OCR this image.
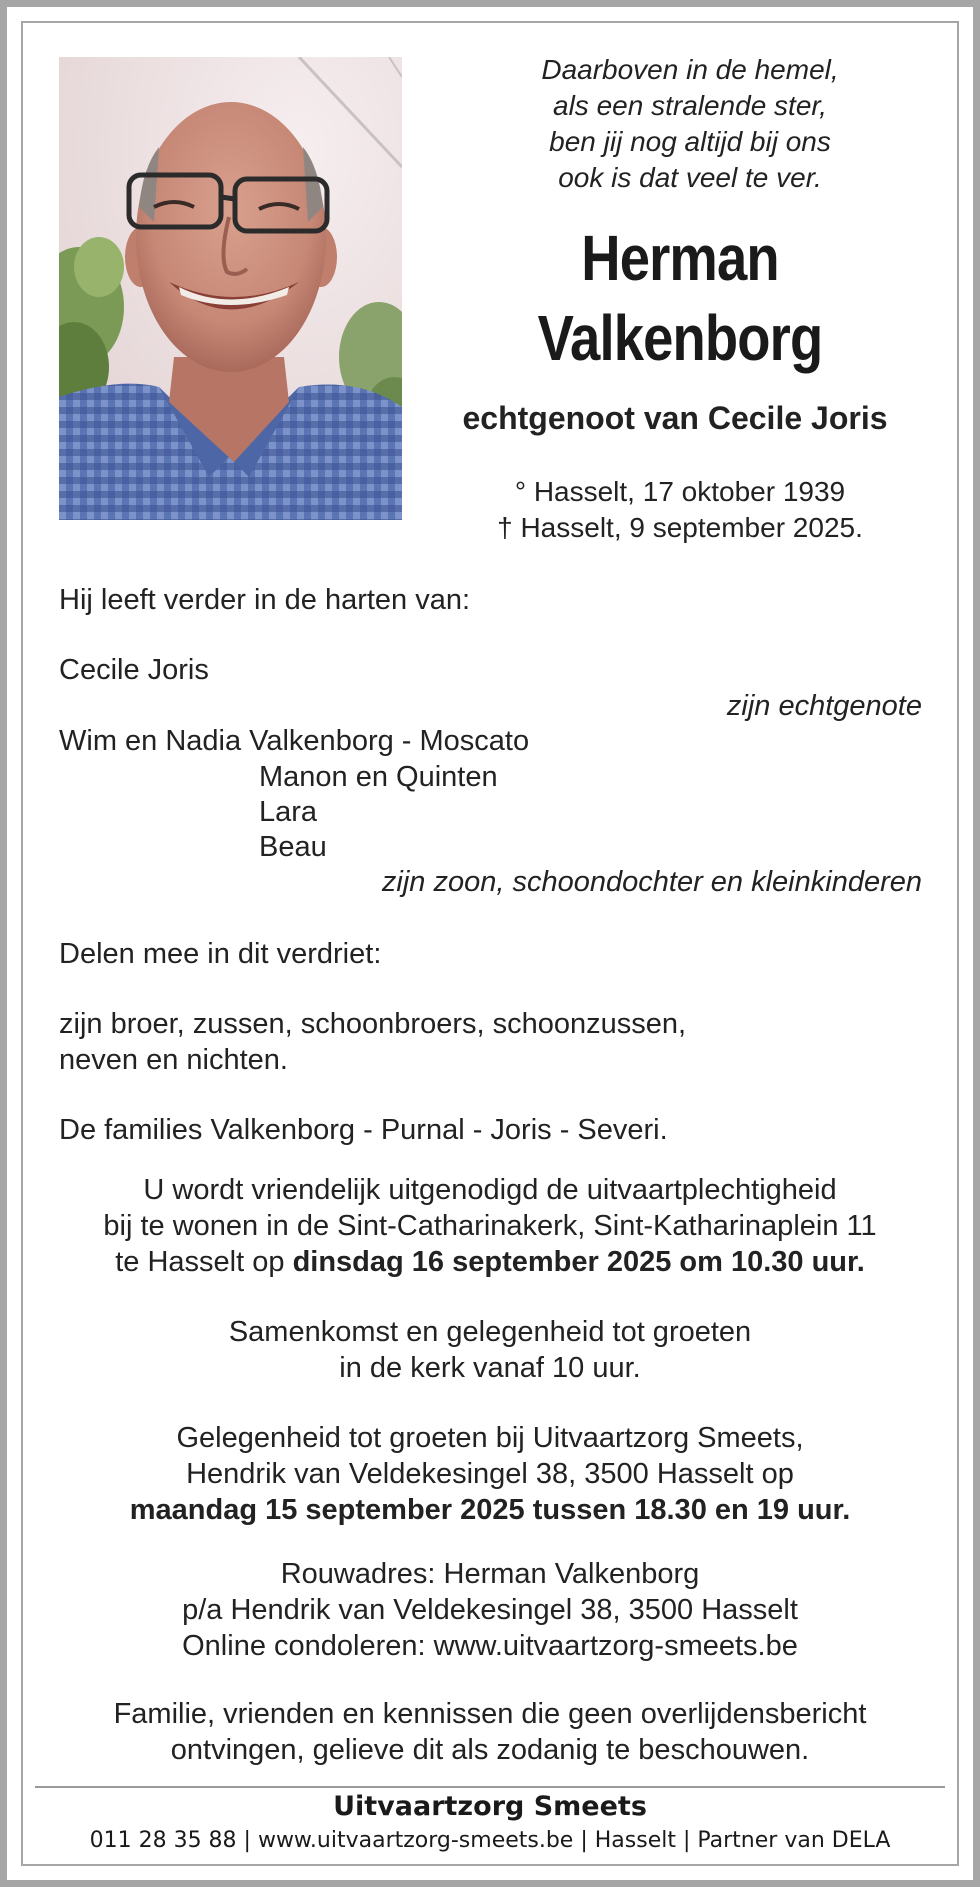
Daarboven in de hemel,
als een stralende ster,
ben jij nog altijd bij ons
ook is dat veel te ver.
Herman
Valkenborg
echtgenoot van Cecile Joris
° Hasselt, 17 oktober 1939
† Hasselt, 9 september 2025.
Hij leeft verder in de harten van:
Cecile Joris
zijn echtgenote
Wim en Nadia Valkenborg - Moscato
Manon en Quinten
Lara
Beau
zijn zoon, schoondochter en kleinkinderen
Delen mee in dit verdriet:
zijn broer, zussen, schoonbroers, schoonzussen,
neven en nichten.
De families Valkenborg - Purnal - Joris - Severi.
U wordt vriendelijk uitgenodigd de uitvaartplechtigheid
bij te wonen in de Sint-Catharinakerk, Sint-Katharinaplein 11
te Hasselt op dinsdag 16 september 2025 om 10.30 uur.
Samenkomst en gelegenheid tot groeten
in de kerk vanaf 10 uur.
Gelegenheid tot groeten bij Uitvaartzorg Smeets,
Hendrik van Veldekesingel 38, 3500 Hasselt op
maandag 15 september 2025 tussen 18.30 en 19 uur.
Rouwadres: Herman Valkenborg
p/a Hendrik van Veldekesingel 38, 3500 Hasselt
Online condoleren: www.uitvaartzorg-smeets.be
Familie, vrienden en kennissen die geen overlijdensbericht
ontvingen, gelieve dit als zodanig te beschouwen.
Uitvaartzorg Smeets
011 28 35 88 | www.uitvaartzorg-smeets.be | Hasselt | Partner van DELA
